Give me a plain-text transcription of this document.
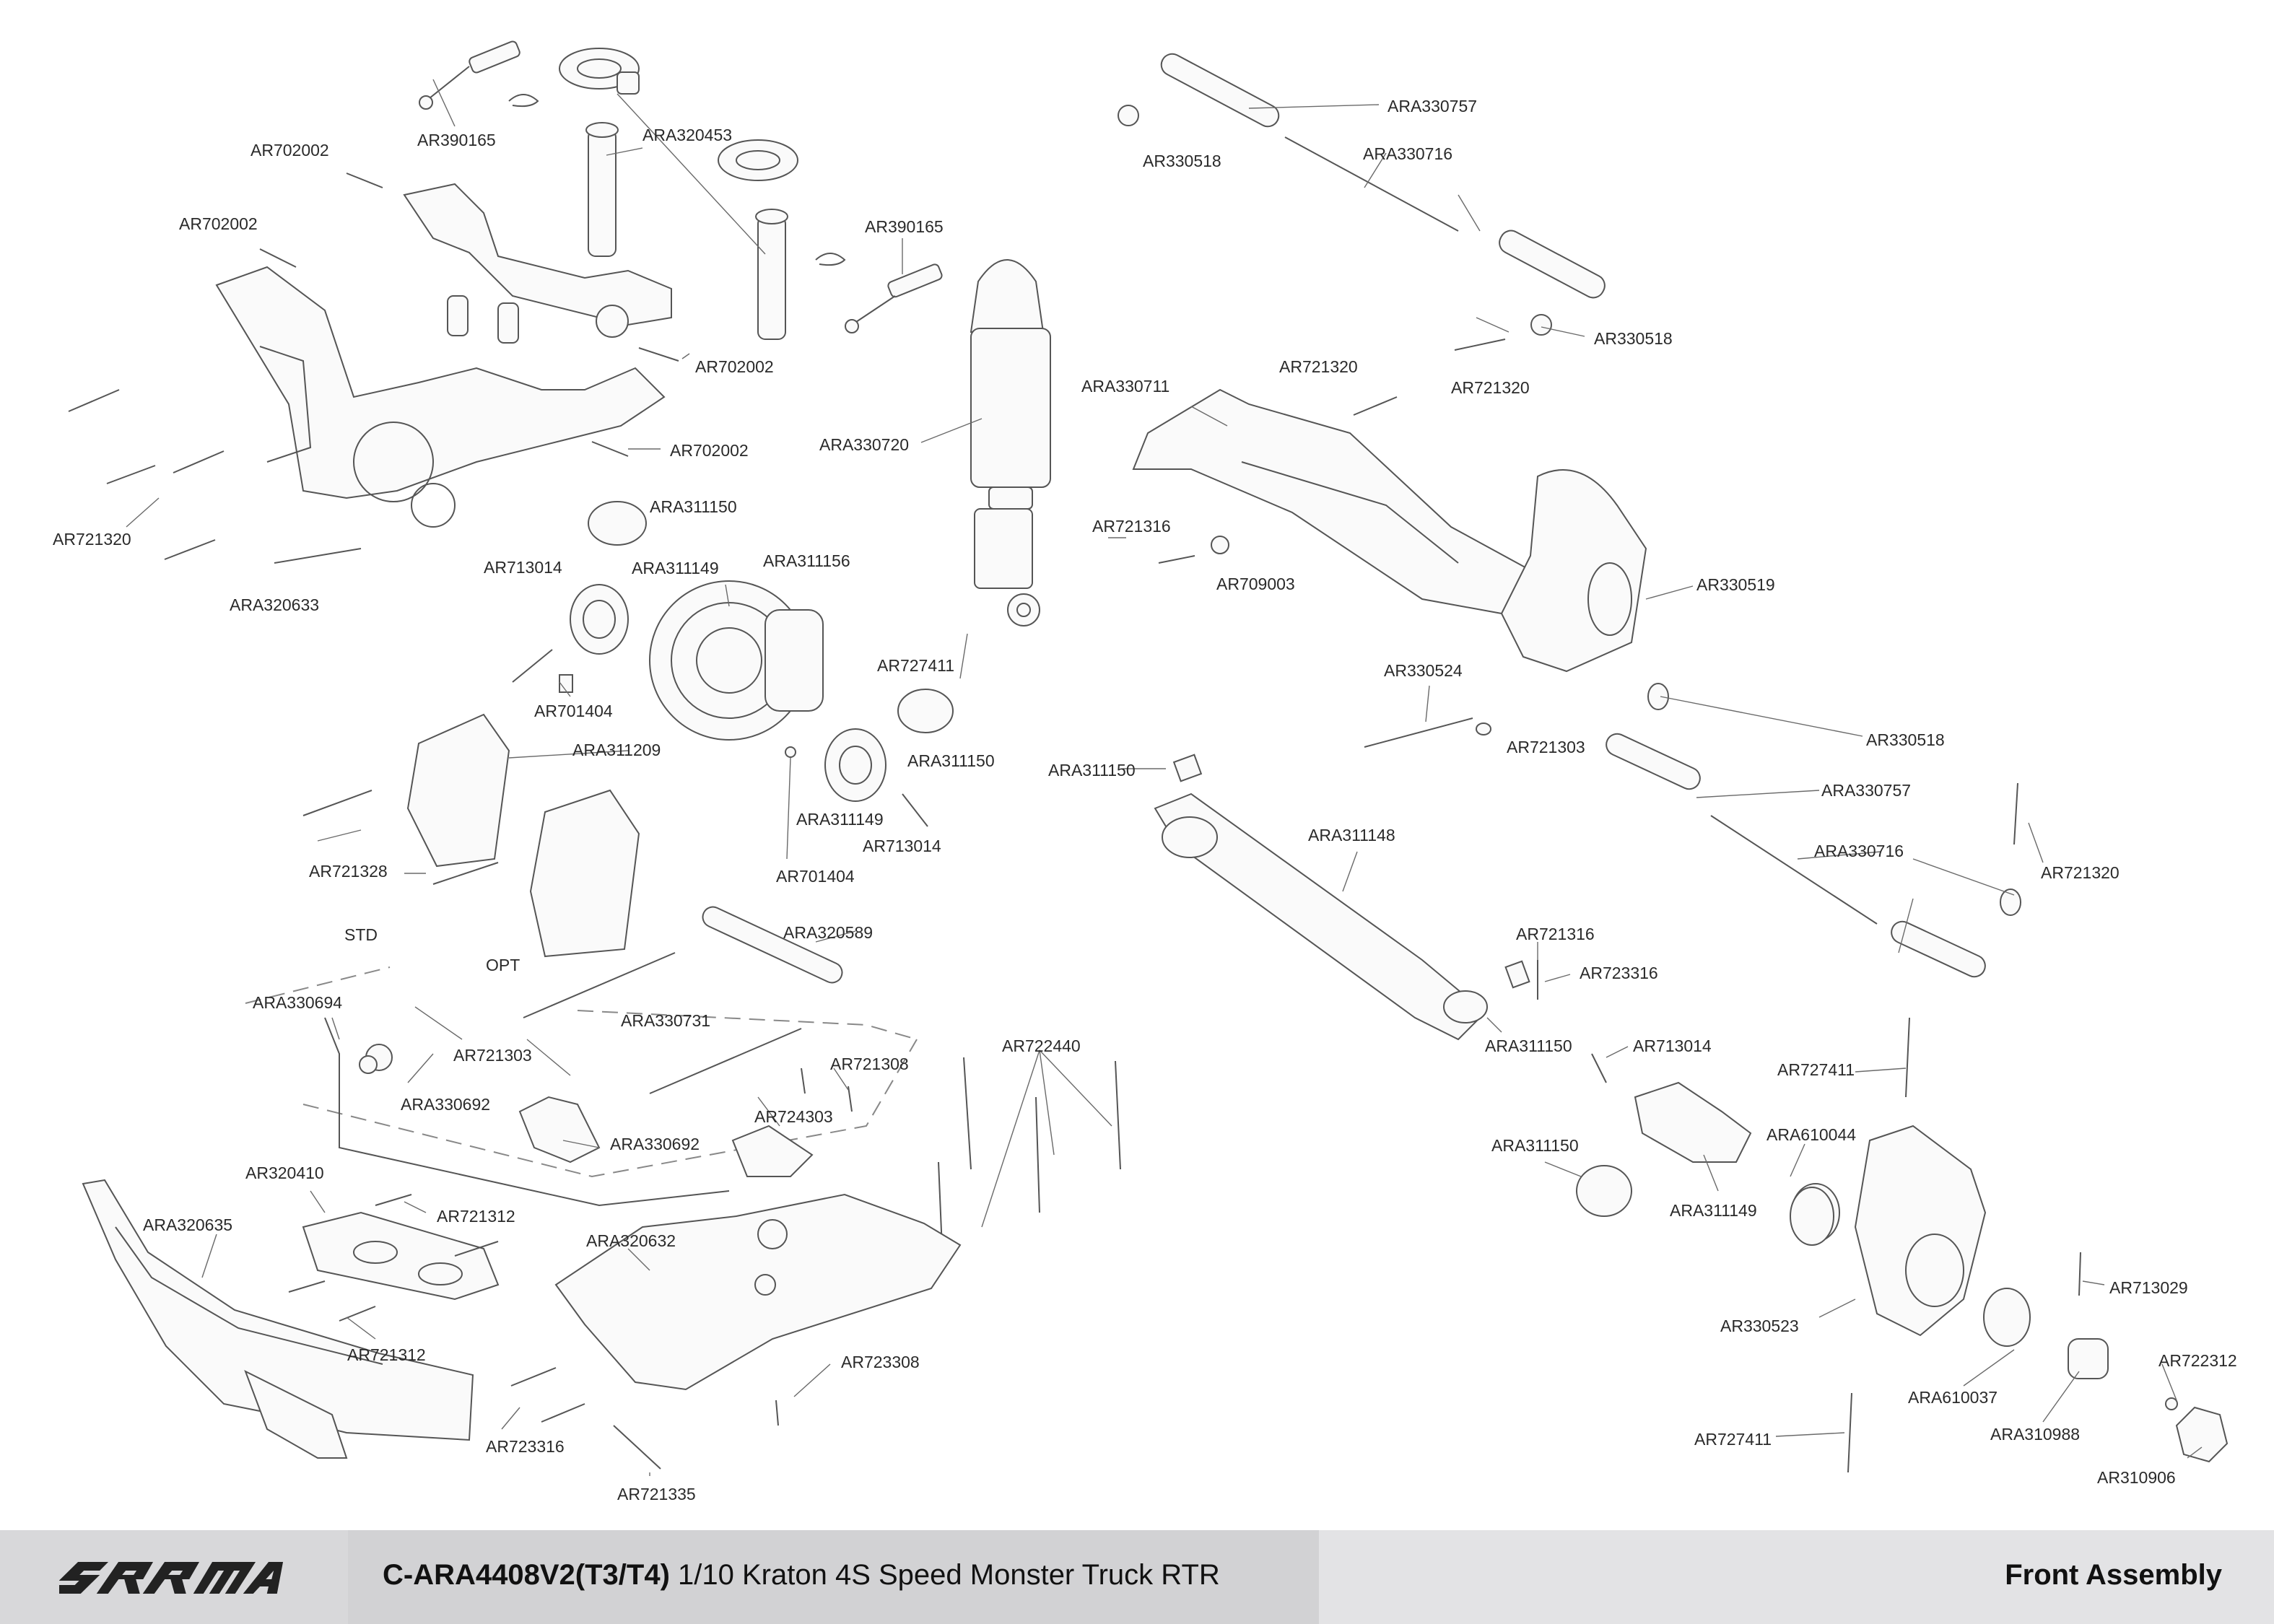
AR390165	ARA320453
AR702002
AR702002
AR702002
AR390165
AR702002
AR721320
ARA320633
AR713014
AR701404
ARA311150
ARA311149	ARA311156
AR727411
ARA311150
ARA311209
ARA311149
AR713014
AR701404
AR721328
ARA330757
AR330518	ARA330716
AR330518
AR721320
AR721320
ARA330711
ARA330720
AR721316
AR709003	AR330519
AR330524
AR721303
ARA311150
AR330518
ARA330757
ARA311148
ARA330716
AR721320
ARA320589
ARA330694
AR721303
ARA330731
ARA330692
AR721308
AR724303
ARA330692
AR722440
AR721316
AR723316
ARA311150	AR713014
AR727411
ARA311150
ARA610044
ARA311149
AR320410
AR721312
ARA320635
AR721312
ARA320632
AR330523
AR713029
AR723308	AR722312
ARA610037
ARA310988
AR723316	AR727411
AR310906
AR721335
STD
OPT
C-ARA4408V2(T3/T4) 1/10 Kraton 4S Speed Monster Truck RTR	Front Assembly
